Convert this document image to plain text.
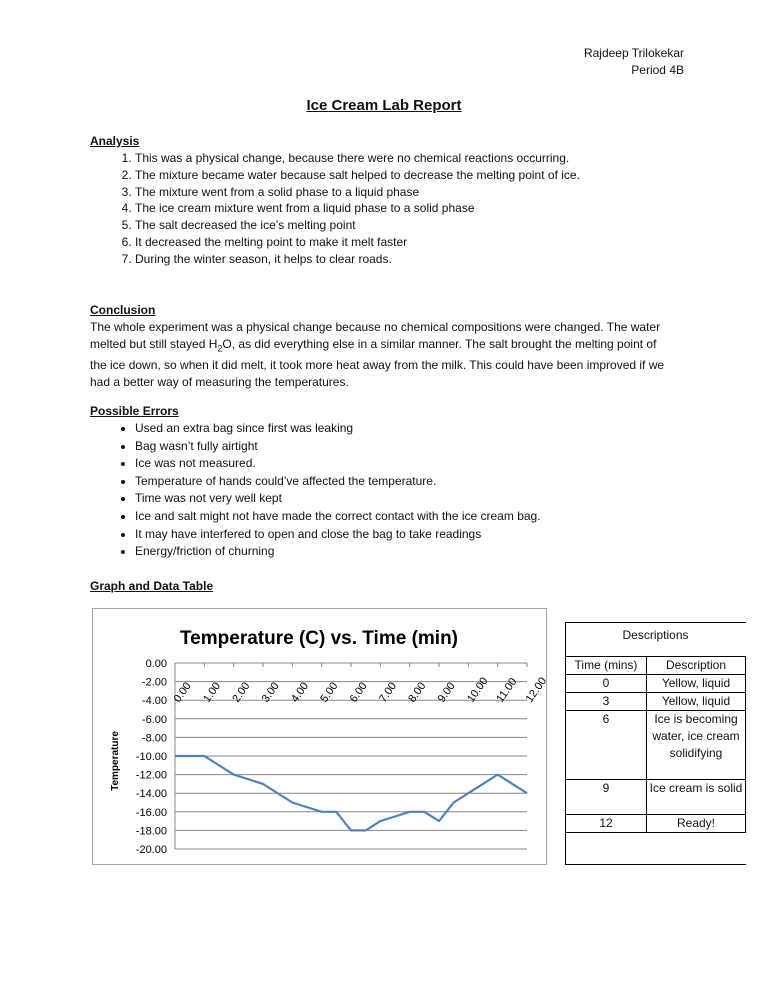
Rajdeep Trilokekar
Period 4B
Ice Cream Lab Report
Analysis
1. This was a physical change, because there were no chemical reactions occurring.
2. The mixture became water because salt helped to decrease the melting point of ice.
3. The mixture went from a solid phase to a liquid phase
4. The ice cream mixture went from a liquid phase to a solid phase
5. The salt decreased the ice’s melting point
6. It decreased the melting point to make it melt faster
7. During the winter season, it helps to clear roads.
Conclusion

The whole experiment was a physical change because no chemical compositions were changed. The water melted but still stayed $H_2O$, as did everything else in a similar manner. The salt brought the melting point of the ice down, so when it did melt, it took more heat away from the milk. This could have been improved if we had a better way of measuring the temperatures.

Possible Errors
• Used an extra bag since first was leaking
• Bag wasn’t fully airtight
• Ice was not measured.
• Temperature of hands could’ve affected the temperature.
• Time was not very well kept
• Ice and salt might not have made the correct contact with the ice cream bag.
• It may have interfered to open and close the bag to take readings
• Energy/friction of churning
Graph and Data Table
Temperature (C) vs. Time (min)
Temperature
0.00
-2.00
-4.00
-6.00
-8.00
-10.00
-12.00
-14.00
-16.00
-18.00
-20.00
0.00 1.00 2.00 3.00 4.00 5.00 6.00 7.00 8.00 9.00 10.00 11.00 12.00
Descriptions
Time (mins)	Description
0	Yellow, liquid
3	Yellow, liquid
6	Ice is becoming water, ice cream solidifying
9	Ice cream is solid
12	Ready!
